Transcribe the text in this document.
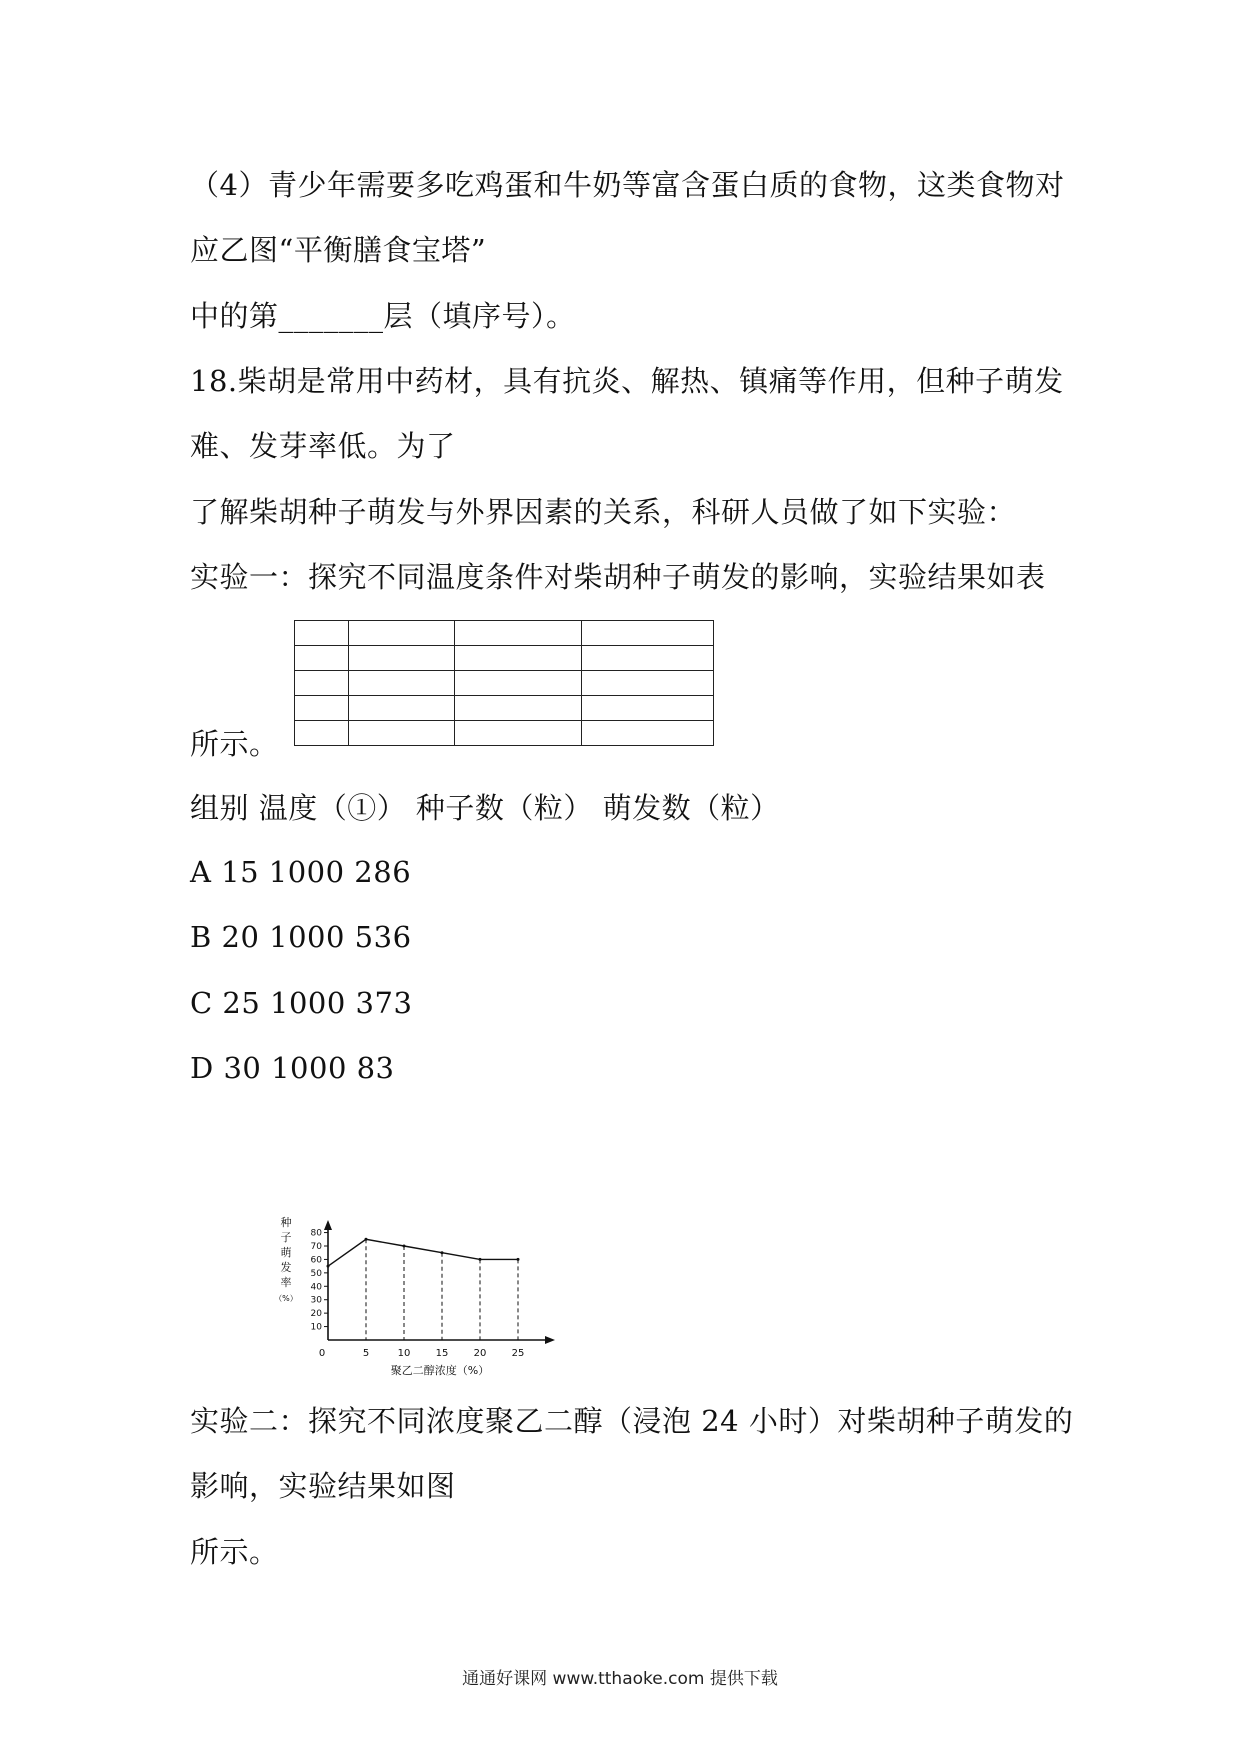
（4）青少年需要多吃鸡蛋和牛奶等富含蛋白质的食物，这类食物对
应乙图“平衡膳食宝塔”
中的第_______层（填序号）。
18.柴胡是常用中药材，具有抗炎、解热、镇痛等作用，但种子萌发
难、发芽率低。为了
了解柴胡种子萌发与外界因素的关系，科研人员做了如下实验：
实验一：探究不同温度条件对柴胡种子萌发的影响，实验结果如表

所示。
组别 温度（①） 种子数（粒） 萌发数（粒）
A 15 1000 286
B 20 1000 536
C 25 1000 373
D 30 1000 83
10
20
30
40
50
60
70
80
0	5	10	15	20	25
种
子
萌
发
率
（%）
聚乙二醇浓度（%）
实验二：探究不同浓度聚乙二醇（浸泡 24 小时）对柴胡种子萌发的
影响，实验结果如图
所示。
通通好课网 www.tthaoke.com 提供下载
